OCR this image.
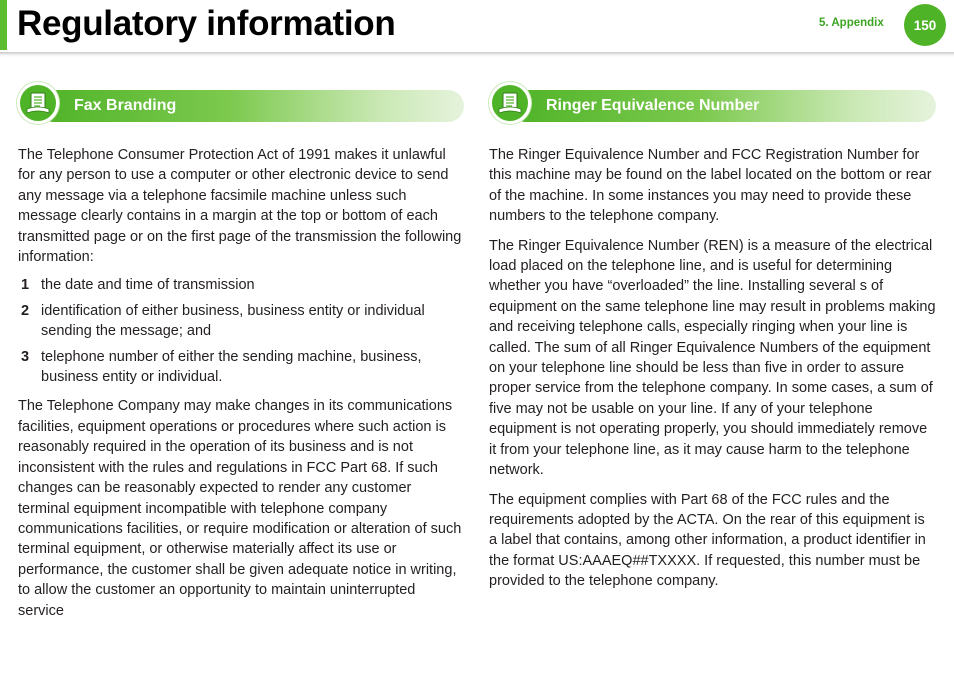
Regulatory information	5. Appendix	150
Fax Branding

The Telephone Consumer Protection Act of 1991 makes it unlawful for any person to use a computer or other electronic device to send any message via a telephone facsimile machine unless such message clearly contains in a margin at the top or bottom of each transmitted page or on the first page of the transmission the following information:

1 the date and time of transmission
2 identification of either business, business entity or individual sending the message; and
3 telephone number of either the sending machine, business, business entity or individual.

The Telephone Company may make changes in its communications facilities, equipment operations or procedures where such action is reasonably required in the operation of its business and is not inconsistent with the rules and regulations in FCC Part 68. If such changes can be reasonably expected to render any customer terminal equipment incompatible with telephone company communications facilities, or require modification or alteration of such terminal equipment, or otherwise materially affect its use or performance, the customer shall be given adequate notice in writing, to allow the customer an opportunity to maintain uninterrupted service

Ringer Equivalence Number

The Ringer Equivalence Number and FCC Registration Number for this machine may be found on the label located on the bottom or rear of the machine. In some instances you may need to provide these numbers to the telephone company.

The Ringer Equivalence Number (REN) is a measure of the electrical load placed on the telephone line, and is useful for determining whether you have “overloaded” the line. Installing several s of equipment on the same telephone line may result in problems making and receiving telephone calls, especially ringing when your line is called. The sum of all Ringer Equivalence Numbers of the equipment on your telephone line should be less than five in order to assure proper service from the telephone company. In some cases, a sum of five may not be usable on your line. If any of your telephone equipment is not operating properly, you should immediately remove it from your telephone line, as it may cause harm to the telephone network.

The equipment complies with Part 68 of the FCC rules and the requirements adopted by the ACTA. On the rear of this equipment is a label that contains, among other information, a product identifier in the format US:AAAEQ##TXXXX. If requested, this number must be provided to the telephone company.
